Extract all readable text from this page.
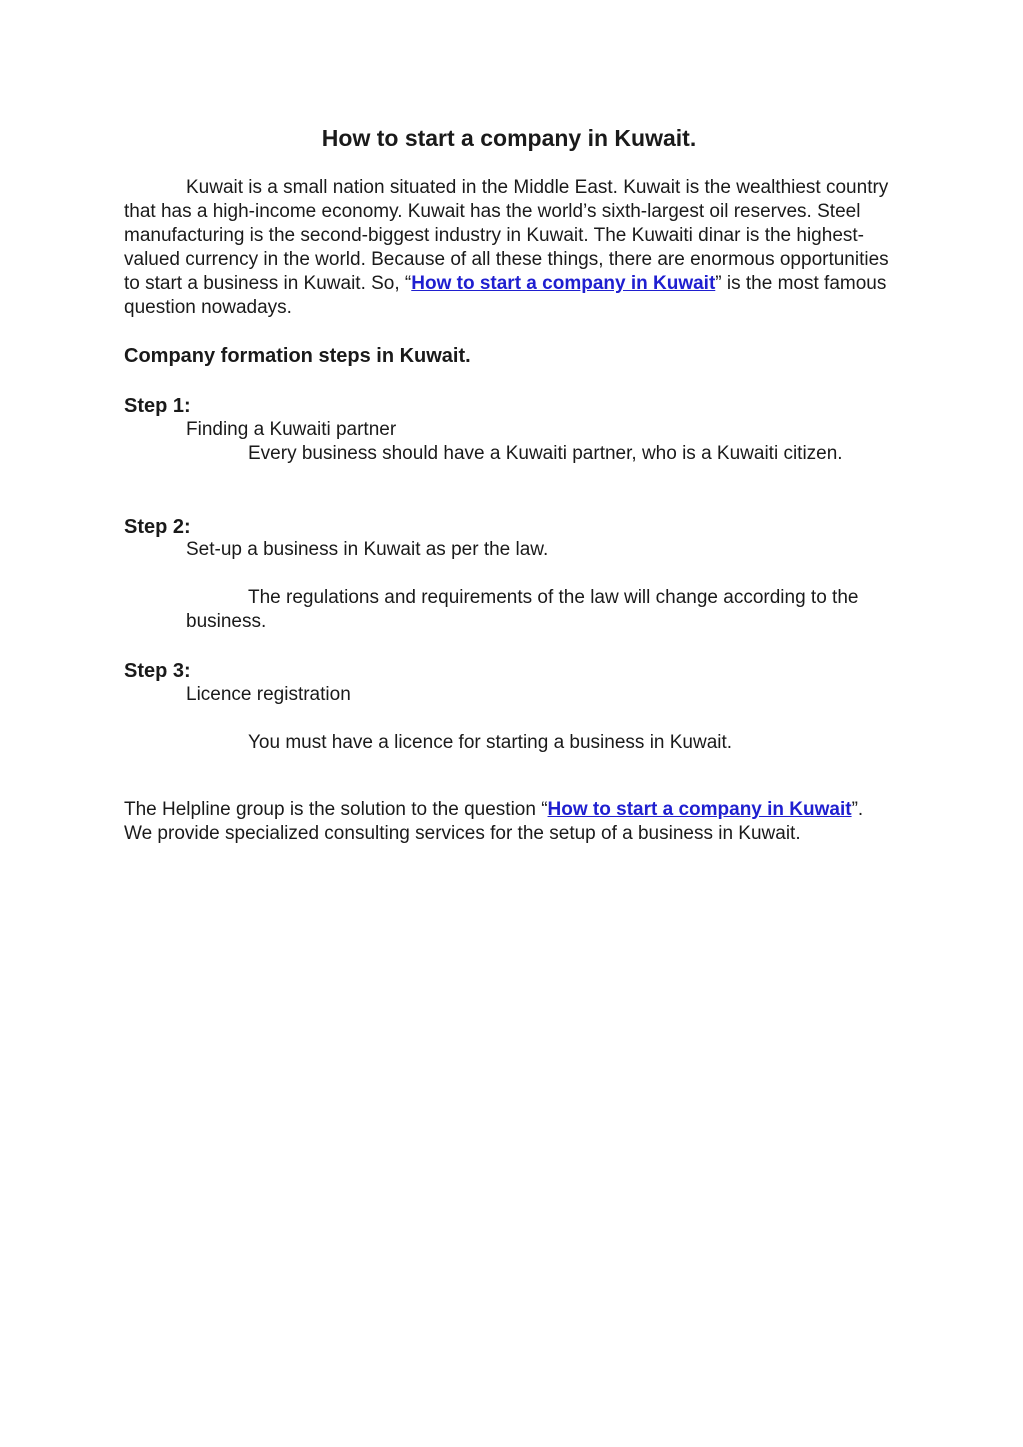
How to start a company in Kuwait.

Kuwait is a small nation situated in the Middle East. Kuwait is the wealthiest country that has a high-income economy. Kuwait has the world’s sixth-largest oil reserves. Steel manufacturing is the second-biggest industry in Kuwait. The Kuwaiti dinar is the highest-valued currency in the world. Because of all these things, there are enormous opportunities to start a business in Kuwait. So, “How to start a company in Kuwait” is the most famous question nowadays.

Company formation steps in Kuwait.
Step 1:
Finding a Kuwaiti partner
Every business should have a Kuwaiti partner, who is a Kuwaiti citizen.
Step 2:
Set-up a business in Kuwait as per the law.
The regulations and requirements of the law will change according to the business.
Step 3:
Licence registration
You must have a licence for starting a business in Kuwait.

The Helpline group is the solution to the question “How to start a company in Kuwait”. We provide specialized consulting services for the setup of a business in Kuwait.
